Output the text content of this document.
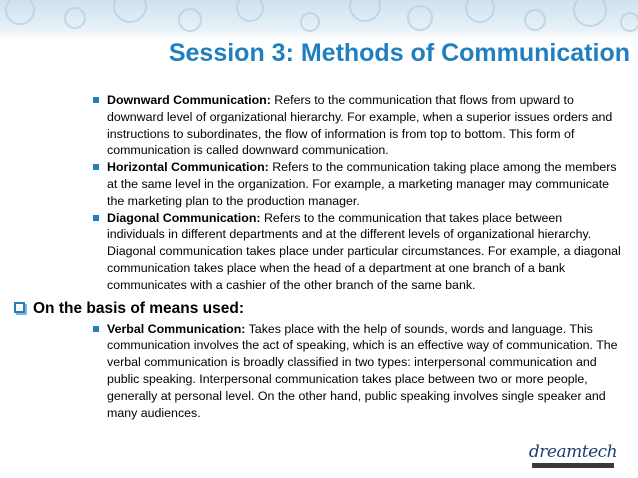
Session 3: Methods of Communication
Downward Communication: Refers to the communication that flows from upward to downward level of organizational hierarchy. For example, when a superior issues orders and instructions to subordinates, the flow of information is from top to bottom. This form of communication is called downward communication.
Horizontal Communication: Refers to the communication taking place among the members at the same level in the organization. For example, a marketing manager may communicate the marketing plan to the production manager.
Diagonal Communication: Refers to the communication that takes place between individuals in different departments and at the different levels of organizational hierarchy. Diagonal communication takes place under particular circumstances. For example, a diagonal communication takes place when the head of a department at one branch of a bank communicates with a cashier of the other branch of the same bank.
On the basis of means used:
Verbal Communication: Takes place with the help of sounds, words and language. This communication involves the act of speaking, which is an effective way of communication. The verbal communication is broadly classified in two types: interpersonal communication and public speaking. Interpersonal communication takes place between two or more people, generally at personal level. On the other hand, public speaking involves single speaker and many audiences.
dreamtech
